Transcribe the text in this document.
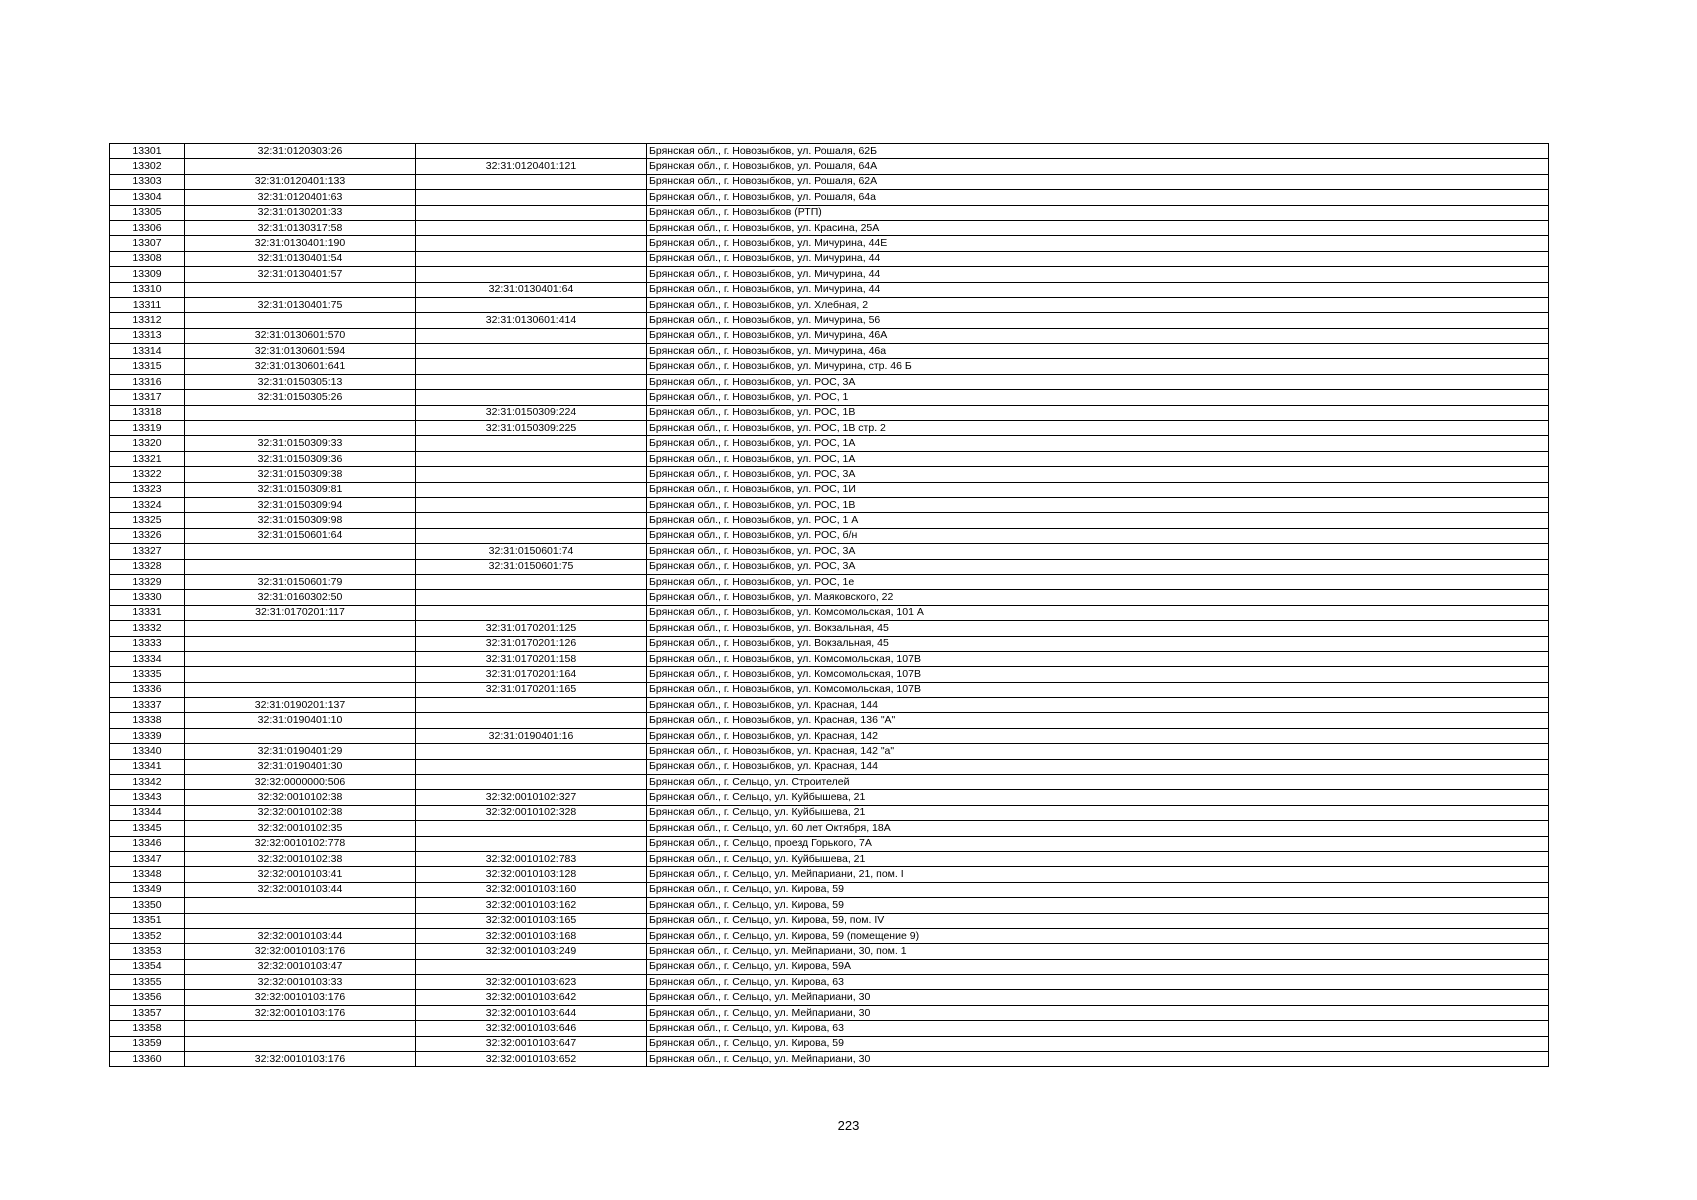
13301	32:31:0120303:26		Брянская обл., г. Новозыбков, ул. Рошаля, 62Б
13302		32:31:0120401:121	Брянская обл., г. Новозыбков, ул. Рошаля, 64А
13303	32:31:0120401:133		Брянская обл., г. Новозыбков, ул. Рошаля, 62А
13304	32:31:0120401:63		Брянская обл., г. Новозыбков, ул. Рошаля, 64а
13305	32:31:0130201:33		Брянская обл., г. Новозыбков (РТП)
13306	32:31:0130317:58		Брянская обл., г. Новозыбков, ул. Красина, 25А
13307	32:31:0130401:190		Брянская обл., г. Новозыбков, ул. Мичурина, 44Е
13308	32:31:0130401:54		Брянская обл., г. Новозыбков, ул. Мичурина, 44
13309	32:31:0130401:57		Брянская обл., г. Новозыбков, ул. Мичурина, 44
13310		32:31:0130401:64	Брянская обл., г. Новозыбков, ул. Мичурина, 44
13311	32:31:0130401:75		Брянская обл., г. Новозыбков, ул. Хлебная, 2
13312		32:31:0130601:414	Брянская обл., г. Новозыбков, ул. Мичурина, 56
13313	32:31:0130601:570		Брянская обл., г. Новозыбков, ул. Мичурина, 46А
13314	32:31:0130601:594		Брянская обл., г. Новозыбков, ул. Мичурина, 46а
13315	32:31:0130601:641		Брянская обл., г. Новозыбков, ул. Мичурина, стр. 46 Б
13316	32:31:0150305:13		Брянская обл., г. Новозыбков, ул. РОС, 3А
13317	32:31:0150305:26		Брянская обл., г. Новозыбков, ул. РОС, 1
13318		32:31:0150309:224	Брянская обл., г. Новозыбков, ул. РОС, 1В
13319		32:31:0150309:225	Брянская обл., г. Новозыбков, ул. РОС, 1В стр. 2
13320	32:31:0150309:33		Брянская обл., г. Новозыбков, ул. РОС, 1А
13321	32:31:0150309:36		Брянская обл., г. Новозыбков, ул. РОС, 1А
13322	32:31:0150309:38		Брянская обл., г. Новозыбков, ул. РОС, 3А
13323	32:31:0150309:81		Брянская обл., г. Новозыбков, ул. РОС, 1И
13324	32:31:0150309:94		Брянская обл., г. Новозыбков, ул. РОС, 1В
13325	32:31:0150309:98		Брянская обл., г. Новозыбков, ул. РОС, 1 А
13326	32:31:0150601:64		Брянская обл., г. Новозыбков, ул. РОС, б/н
13327		32:31:0150601:74	Брянская обл., г. Новозыбков, ул. РОС, 3А
13328		32:31:0150601:75	Брянская обл., г. Новозыбков, ул. РОС, 3А
13329	32:31:0150601:79		Брянская обл., г. Новозыбков, ул. РОС, 1е
13330	32:31:0160302:50		Брянская обл., г. Новозыбков, ул. Маяковского, 22
13331	32:31:0170201:117		Брянская обл., г. Новозыбков, ул. Комсомольская, 101 А
13332		32:31:0170201:125	Брянская обл., г. Новозыбков, ул. Вокзальная, 45
13333		32:31:0170201:126	Брянская обл., г. Новозыбков, ул. Вокзальная, 45
13334		32:31:0170201:158	Брянская обл., г. Новозыбков, ул. Комсомольская, 107В
13335		32:31:0170201:164	Брянская обл., г. Новозыбков, ул. Комсомольская, 107В
13336		32:31:0170201:165	Брянская обл., г. Новозыбков, ул. Комсомольская, 107В
13337	32:31:0190201:137		Брянская обл., г. Новозыбков, ул. Красная, 144
13338	32:31:0190401:10		Брянская обл., г. Новозыбков, ул. Красная, 136 "А"
13339		32:31:0190401:16	Брянская обл., г. Новозыбков, ул. Красная, 142
13340	32:31:0190401:29		Брянская обл., г. Новозыбков, ул. Красная, 142 "а"
13341	32:31:0190401:30		Брянская обл., г. Новозыбков, ул. Красная, 144
13342	32:32:0000000:506		Брянская обл., г. Сельцо, ул. Строителей
13343	32:32:0010102:38	32:32:0010102:327	Брянская обл., г. Сельцо, ул. Куйбышева, 21
13344	32:32:0010102:38	32:32:0010102:328	Брянская обл., г. Сельцо, ул. Куйбышева, 21
13345	32:32:0010102:35		Брянская обл., г. Сельцо, ул. 60 лет Октября, 18А
13346	32:32:0010102:778		Брянская обл., г. Сельцо, проезд Горького, 7А
13347	32:32:0010102:38	32:32:0010102:783	Брянская обл., г. Сельцо, ул. Куйбышева, 21
13348	32:32:0010103:41	32:32:0010103:128	Брянская обл., г. Сельцо, ул. Мейпариани, 21, пом. I
13349	32:32:0010103:44	32:32:0010103:160	Брянская обл., г. Сельцо, ул. Кирова, 59
13350		32:32:0010103:162	Брянская обл., г. Сельцо, ул. Кирова, 59
13351		32:32:0010103:165	Брянская обл., г. Сельцо, ул. Кирова, 59, пом. IV
13352	32:32:0010103:44	32:32:0010103:168	Брянская обл., г. Сельцо, ул. Кирова, 59 (помещение 9)
13353	32:32:0010103:176	32:32:0010103:249	Брянская обл., г. Сельцо, ул. Мейпариани, 30, пом. 1
13354	32:32:0010103:47		Брянская обл., г. Сельцо, ул. Кирова, 59А
13355	32:32:0010103:33	32:32:0010103:623	Брянская обл., г. Сельцо, ул. Кирова, 63
13356	32:32:0010103:176	32:32:0010103:642	Брянская обл., г. Сельцо, ул. Мейпариани, 30
13357	32:32:0010103:176	32:32:0010103:644	Брянская обл., г. Сельцо, ул. Мейпариани, 30
13358		32:32:0010103:646	Брянская обл., г. Сельцо, ул. Кирова, 63
13359		32:32:0010103:647	Брянская обл., г. Сельцо, ул. Кирова, 59
13360	32:32:0010103:176	32:32:0010103:652	Брянская обл., г. Сельцо, ул. Мейпариани, 30
223
